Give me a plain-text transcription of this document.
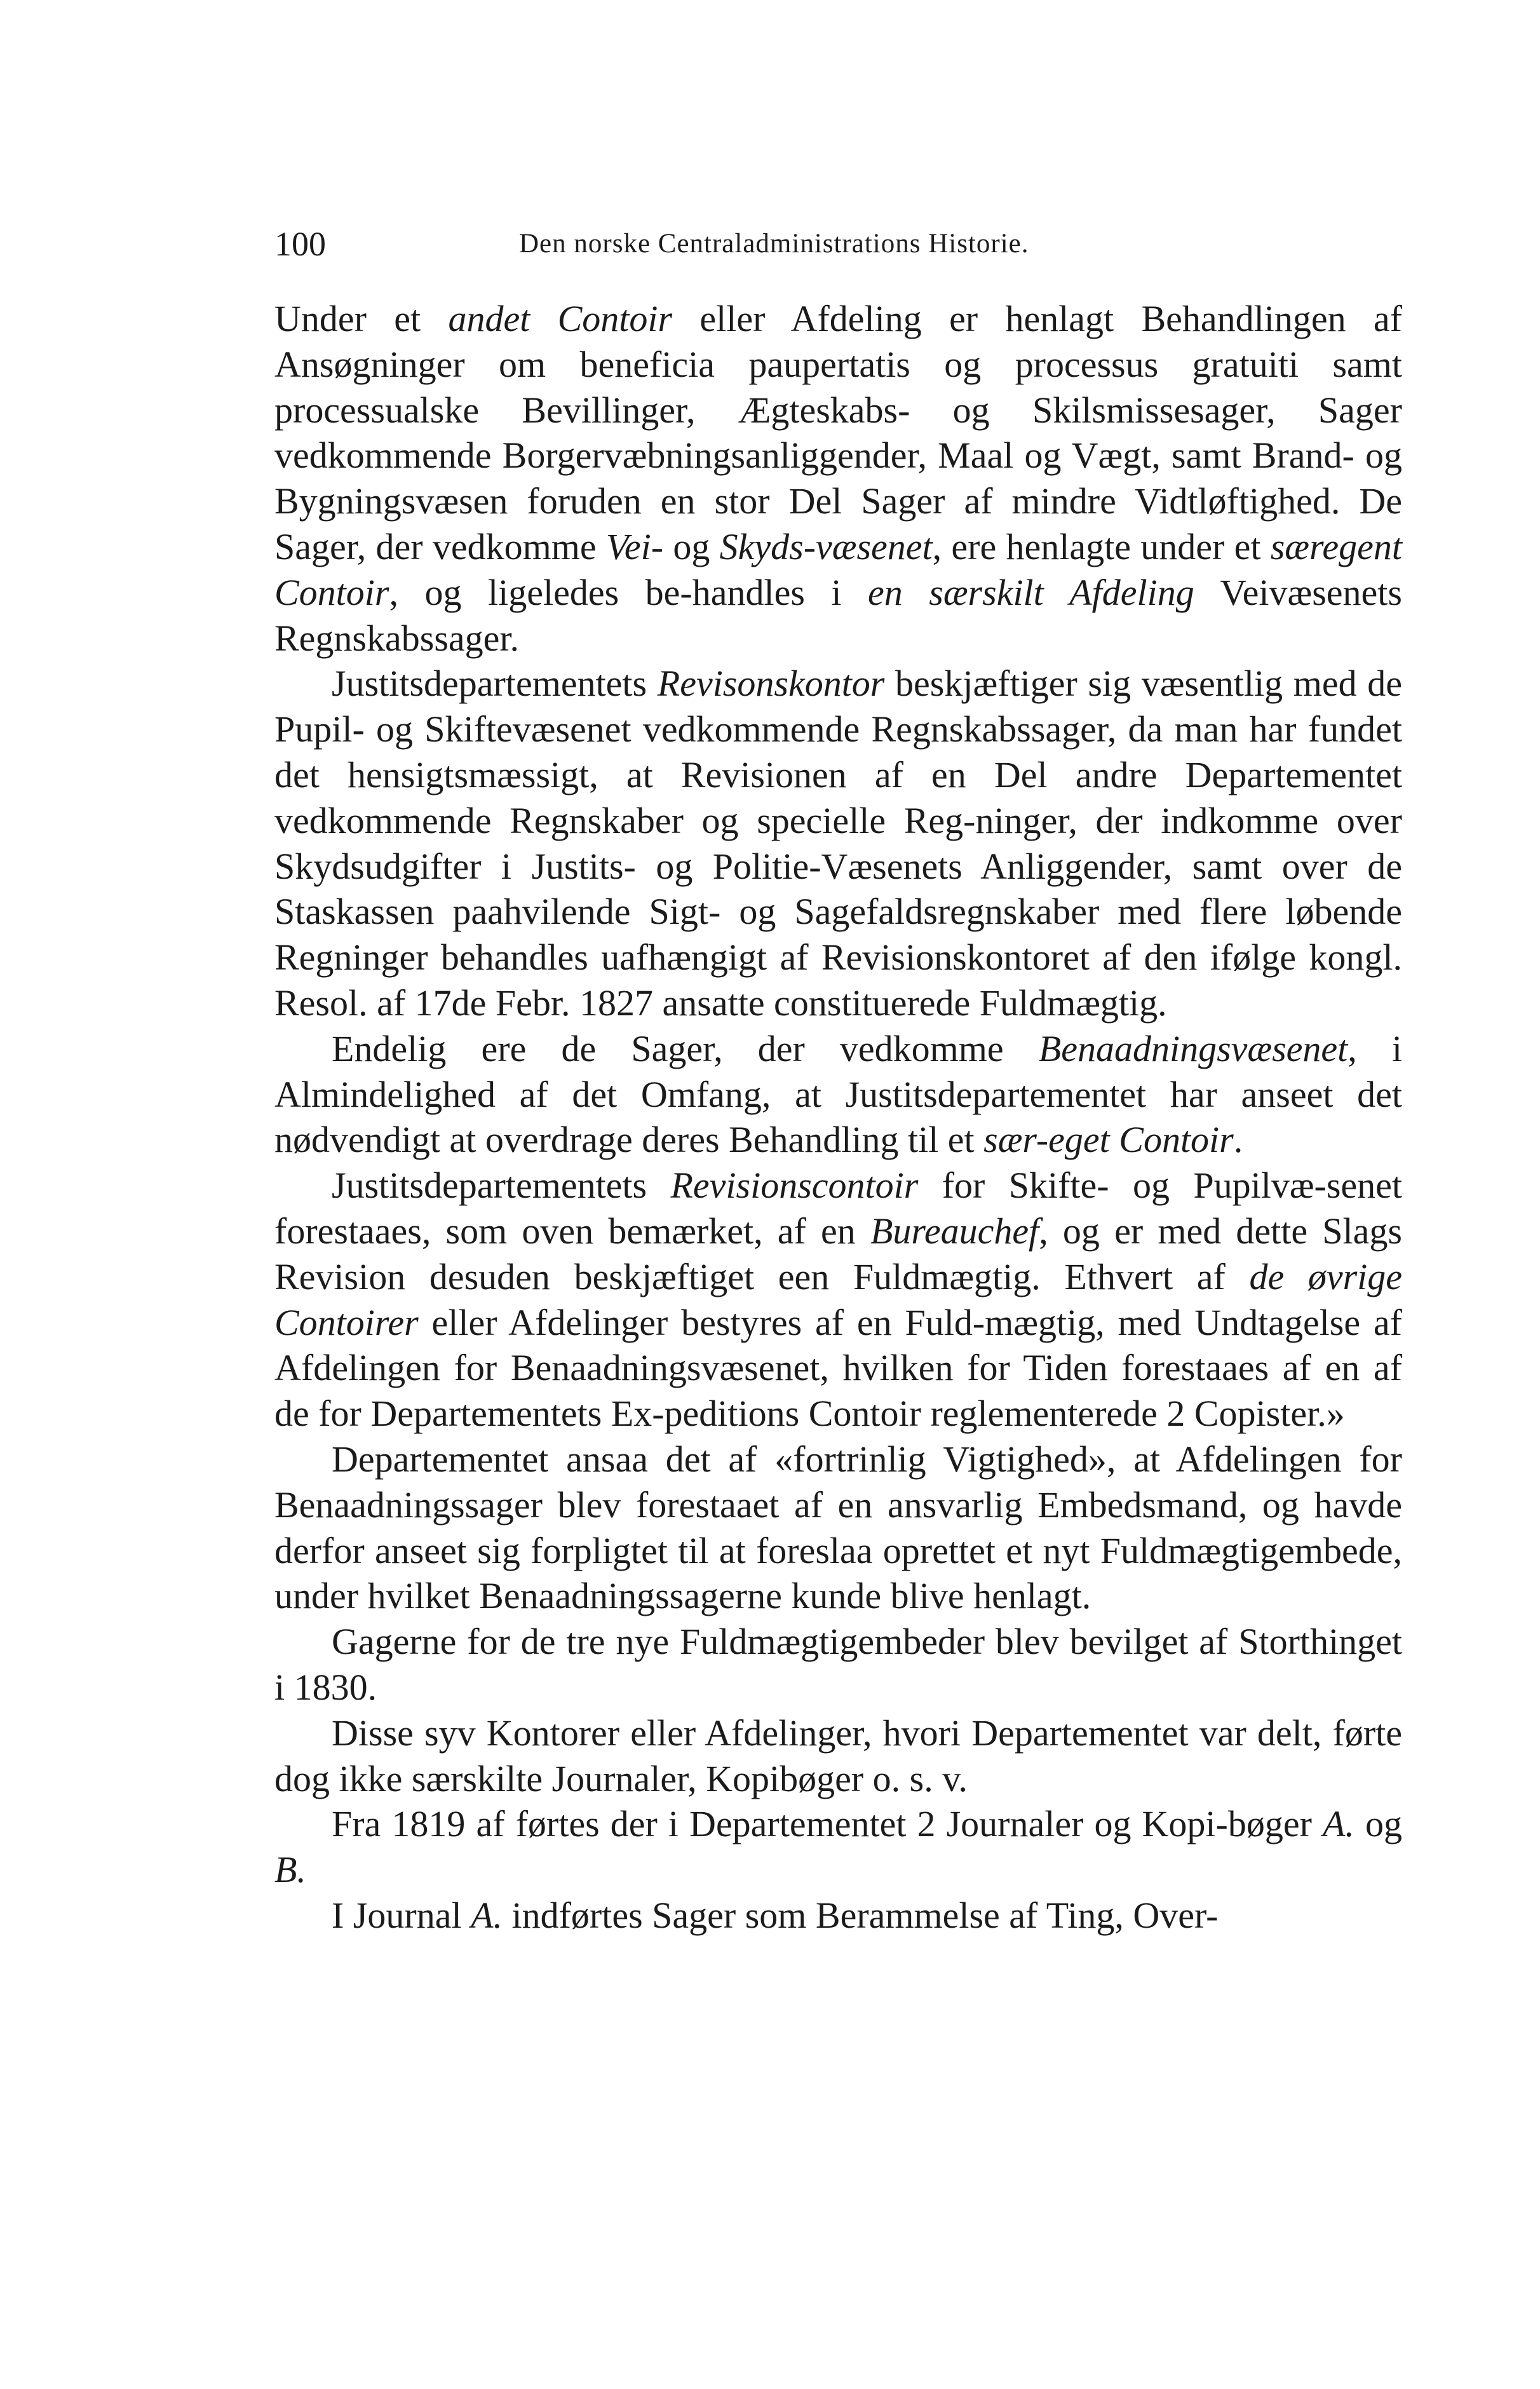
100	Den norske Centraladministrations Historie.

Under et andet Contoir eller Afdeling er henlagt Behandlingen af Ansøgninger om beneficia paupertatis og processus gratuiti samt processualske Bevillinger, Ægteskabs- og Skilsmissesager, Sager vedkommende Borgervæbningsanliggender, Maal og Vægt, samt Brand- og Bygningsvæsen foruden en stor Del Sager af mindre Vidtløftighed. De Sager, der vedkomme Vei- og Skyds-væsenet, ere henlagte under et særegent Contoir, og ligeledes be-handles i en særskilt Afdeling Veivæsenets Regnskabssager.

Justitsdepartementets Revisonskontor beskjæftiger sig væsentlig med de Pupil- og Skiftevæsenet vedkommende Regnskabssager, da man har fundet det hensigtsmæssigt, at Revisionen af en Del andre Departementet vedkommende Regnskaber og specielle Reg-ninger, der indkomme over Skydsudgifter i Justits- og Politie-Væsenets Anliggender, samt over de Staskassen paahvilende Sigt- og Sagefaldsregnskaber med flere løbende Regninger behandles uafhængigt af Revisionskontoret af den ifølge kongl. Resol. af 17de Febr. 1827 ansatte constituerede Fuldmægtig.

Endelig ere de Sager, der vedkomme Benaadningsvæsenet, i Almindelighed af det Omfang, at Justitsdepartementet har anseet det nødvendigt at overdrage deres Behandling til et sær-eget Contoir.

Justitsdepartementets Revisionscontoir for Skifte- og Pupilvæ-senet forestaaes, som oven bemærket, af en Bureauchef, og er med dette Slags Revision desuden beskjæftiget een Fuldmægtig. Ethvert af de øvrige Contoirer eller Afdelinger bestyres af en Fuld-mægtig, med Undtagelse af Afdelingen for Benaadningsvæsenet, hvilken for Tiden forestaaes af en af de for Departementets Ex-peditions Contoir reglementerede 2 Copister.»

Departementet ansaa det af «fortrinlig Vigtighed», at Afdelingen for Benaadningssager blev forestaaet af en ansvarlig Embedsmand, og havde derfor anseet sig forpligtet til at foreslaa oprettet et nyt Fuldmægtigembede, under hvilket Benaadningssagerne kunde blive henlagt.

Gagerne for de tre nye Fuldmægtigembeder blev bevilget af Storthinget i 1830.

Disse syv Kontorer eller Afdelinger, hvori Departementet var delt, førte dog ikke særskilte Journaler, Kopibøger o. s. v.

Fra 1819 af førtes der i Departementet 2 Journaler og Kopi-bøger A. og B.

I Journal A. indførtes Sager som Berammelse af Ting, Over-
